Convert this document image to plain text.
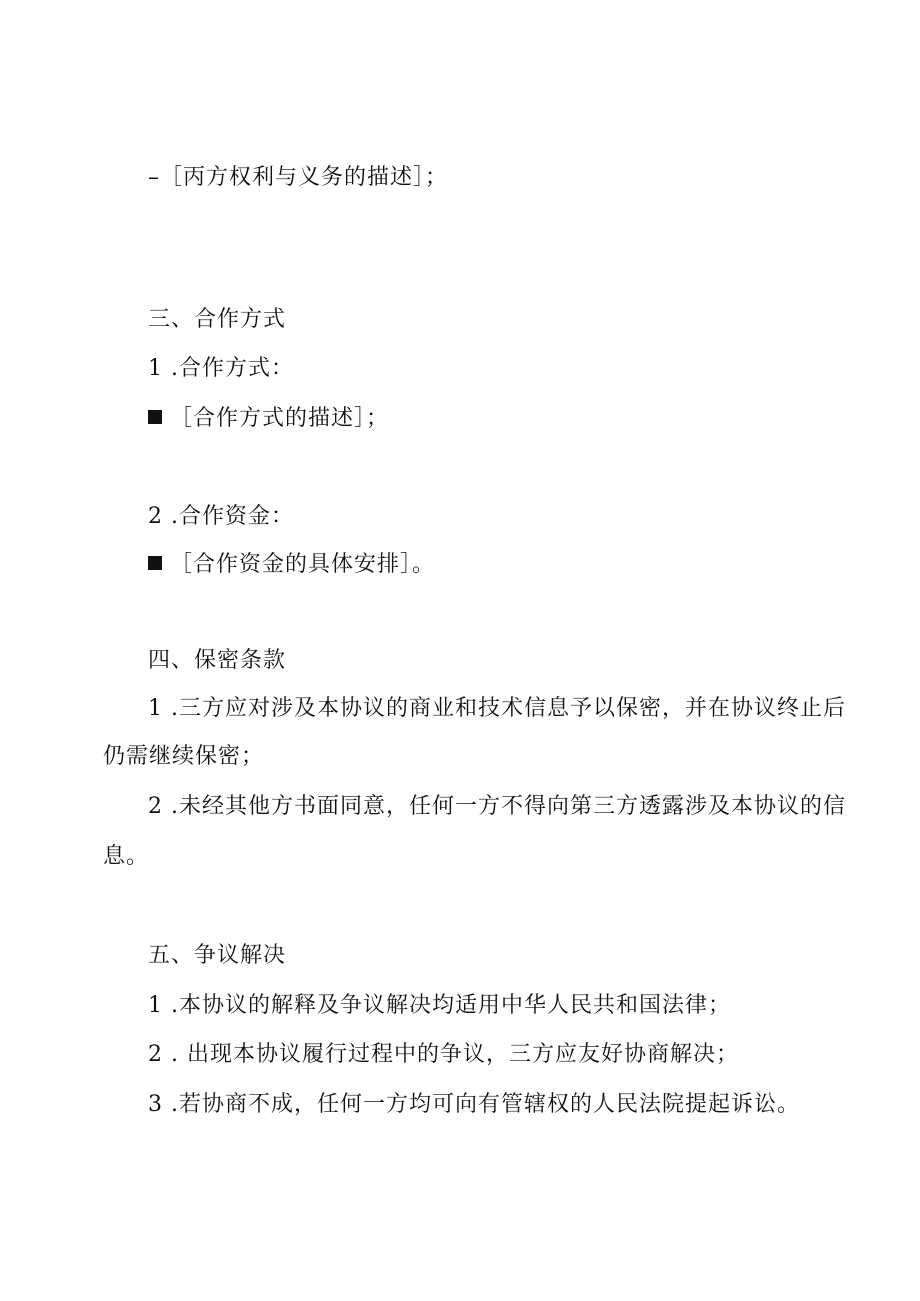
–［丙方权利与义务的描述］；
三、合作方式
1 .合作方式：
［合作方式的描述］；
2 .合作资金：
［合作资金的具体安排］。
四、保密条款
1 .三方应对涉及本协议的商业和技术信息予以保密，并在协议终止后
仍需继续保密；
2 .未经其他方书面同意，任何一方不得向第三方透露涉及本协议的信
息。
五、争议解决
1 .本协议的解释及争议解决均适用中华人民共和国法律；
2 . 出现本协议履行过程中的争议，三方应友好协商解决；
3 .若协商不成，任何一方均可向有管辖权的人民法院提起诉讼。
